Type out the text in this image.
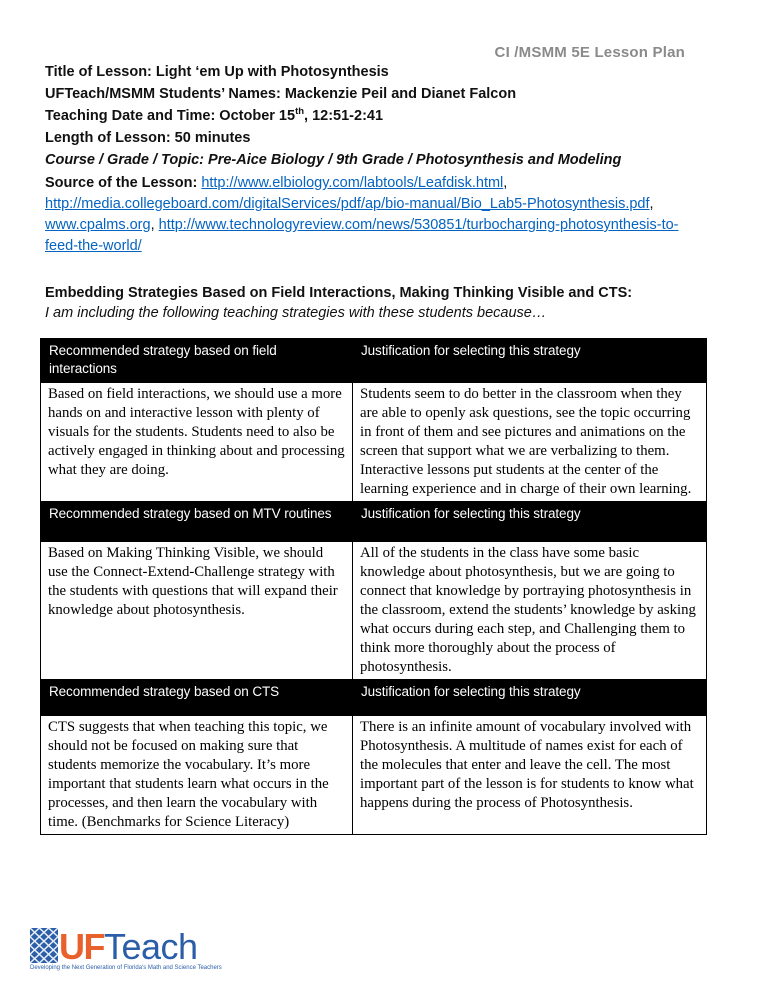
CI /MSMM 5E Lesson Plan

Title of Lesson: Light ‘em Up with Photosynthesis

UFTeach/MSMM Students’ Names: Mackenzie Peil and Dianet Falcon

Teaching Date and Time: October 15th, 12:51-2:41

Length of Lesson: 50 minutes

Course / Grade / Topic: Pre-Aice Biology / 9th Grade / Photosynthesis and Modeling

Source of the Lesson: http://www.elbiology.com/labtools/Leafdisk.html, http://media.collegeboard.com/digitalServices/pdf/ap/bio-manual/Bio_Lab5-Photosynthesis.pdf, www.cpalms.org, http://www.technologyreview.com/news/530851/turbocharging-photosynthesis-to-feed-the-world/

Embedding Strategies Based on Field Interactions, Making Thinking Visible and CTS:

I am including the following teaching strategies with these students because…

Recommended strategy based on field interactions	Justification for selecting this strategy
Based on field interactions, we should use a more hands on and interactive lesson with plenty of visuals for the students. Students need to also be actively engaged in thinking about and processing what they are doing.	Students seem to do better in the classroom when they are able to openly ask questions, see the topic occurring in front of them and see pictures and animations on the screen that support what we are verbalizing to them. Interactive lessons put students at the center of the learning experience and in charge of their own learning.
Recommended strategy based on MTV routines	Justification for selecting this strategy
Based on Making Thinking Visible, we should use the Connect-Extend-Challenge strategy with the students with questions that will expand their knowledge about photosynthesis.	All of the students in the class have some basic knowledge about photosynthesis, but we are going to connect that knowledge by portraying photosynthesis in the classroom, extend the students’ knowledge by asking what occurs during each step, and Challenging them to think more thoroughly about the process of photosynthesis.
Recommended strategy based on CTS	Justification for selecting this strategy
CTS suggests that when teaching this topic, we should not be focused on making sure that students memorize the vocabulary. It’s more important that students learn what occurs in the processes, and then learn the vocabulary with time. (Benchmarks for Science Literacy)	There is an infinite amount of vocabulary involved with Photosynthesis. A multitude of names exist for each of the molecules that enter and leave the cell. The most important part of the lesson is for students to know what happens during the process of Photosynthesis.
UF Teach
Developing the Next Generation of Florida's Math and Science Teachers
